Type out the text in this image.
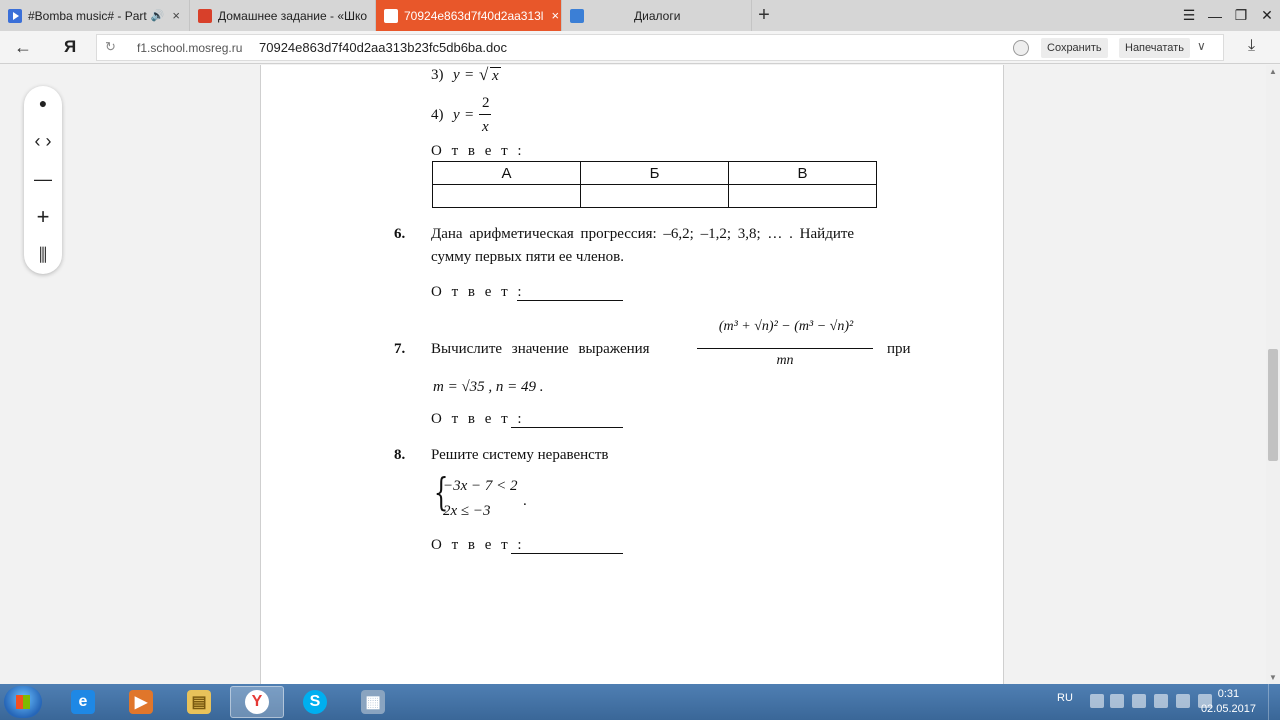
#Bomba music# - Part 🔊 ×	Домашнее задание - «Шко	70924e863d7f40d2aa313l ×	Диалоги	+	☰ — ❐ ✕
← Я ↻ f1.school.mosreg.ru 70924e863d7f40d2aa313b23fc5db6ba.doc	Сохранить	Напечатать	∨	⤓
●
‹ ›
—
+
⫼
3) y = √ x
4) y =
2
x
О т в е т :
А	Б	В

6. Дана арифметическая прогрессия: –6,2; –1,2; 3,8; … . Найдите
сумму первых пяти ее членов.
О т в е т :
7. Вычислите значение выражения
(m³ + √n)² − (m³ − √n)²
mn
при
m = √35 , n = 49 .
О т в е т :
8. Решите систему неравенств
{
−3x − 7 < 2
2x ≤ −3
.
О т в е т :
▲
▼
e	▶	▤	Y	S	▦	RU	0:31
02.05.2017
